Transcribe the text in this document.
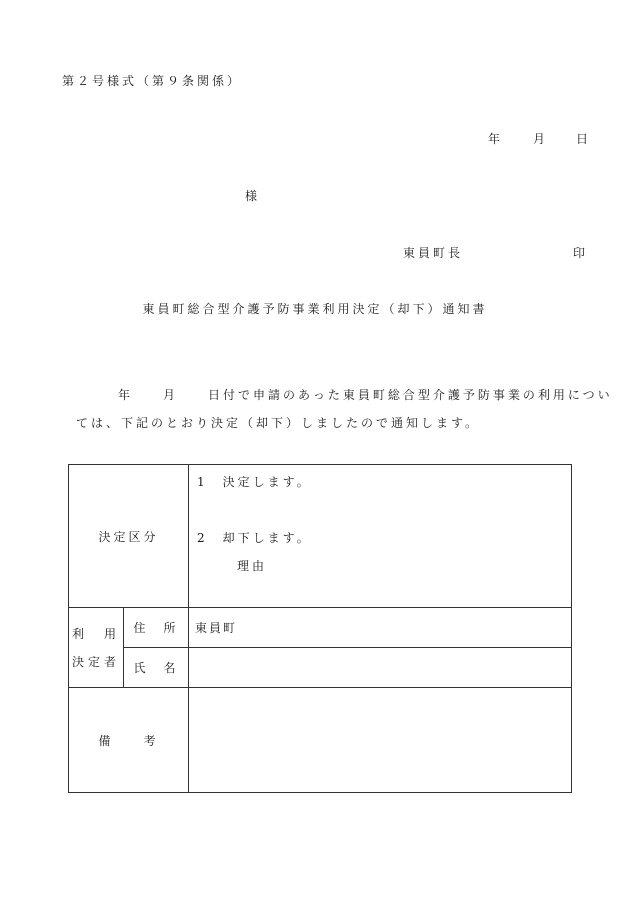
第２号様式（第９条関係）
年	月 日
様
東員町長	印
東員町総合型介護予防事業利用決定（却下）通知書
年　　月　　日付で申請のあった東員町総合型介護予防事業の利用につい
ては、下記のとおり決定（却下）しましたので通知します。
決定区分		1　決定します。
2　却下します。
理由

利　用
決定者	住　所	東員町
	氏　名	
備　　考		
